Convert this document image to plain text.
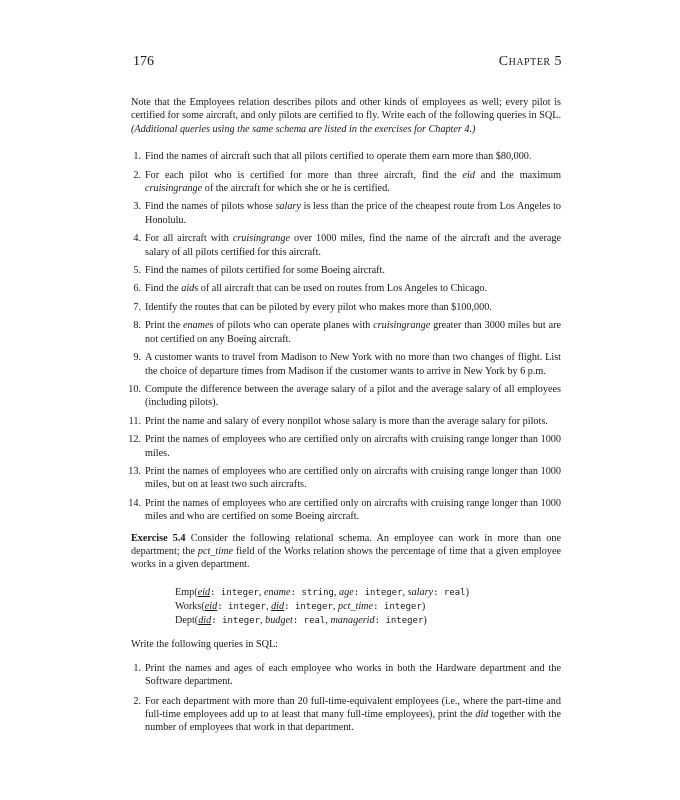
176	Chapter 5

Note that the Employees relation describes pilots and other kinds of employees as well; every pilot is certified for some aircraft, and only pilots are certified to fly. Write each of the following queries in SQL. (Additional queries using the same schema are listed in the exercises for Chapter 4.)

1. Find the names of aircraft such that all pilots certified to operate them earn more than $80,000.
2. For each pilot who is certified for more than three aircraft, find the eid and the maximum cruisingrange of the aircraft for which she or he is certified.
3. Find the names of pilots whose salary is less than the price of the cheapest route from Los Angeles to Honolulu.
4. For all aircraft with cruisingrange over 1000 miles, find the name of the aircraft and the average salary of all pilots certified for this aircraft.
5. Find the names of pilots certified for some Boeing aircraft.
6. Find the aids of all aircraft that can be used on routes from Los Angeles to Chicago.
7. Identify the routes that can be piloted by every pilot who makes more than $100,000.
8. Print the enames of pilots who can operate planes with cruisingrange greater than 3000 miles but are not certified on any Boeing aircraft.
9. A customer wants to travel from Madison to New York with no more than two changes of flight. List the choice of departure times from Madison if the customer wants to arrive in New York by 6 p.m.
10. Compute the difference between the average salary of a pilot and the average salary of all employees (including pilots).
11. Print the name and salary of every nonpilot whose salary is more than the average salary for pilots.
12. Print the names of employees who are certified only on aircrafts with cruising range longer than 1000 miles.
13. Print the names of employees who are certified only on aircrafts with cruising range longer than 1000 miles, but on at least two such aircrafts.
14. Print the names of employees who are certified only on aircrafts with cruising range longer than 1000 miles and who are certified on some Boeing aircraft.

Exercise 5.4 Consider the following relational schema. An employee can work in more than one department; the pct_time field of the Works relation shows the percentage of time that a given employee works in a given department.

Emp(eid: integer, ename: string, age: integer, salary: real)
Works(eid: integer, did: integer, pct_time: integer)
Dept(did: integer, budget: real, managerid: integer)

Write the following queries in SQL:

1. Print the names and ages of each employee who works in both the Hardware department and the Software department.
2. For each department with more than 20 full-time-equivalent employees (i.e., where the part-time and full-time employees add up to at least that many full-time employees), print the did together with the number of employees that work in that department.
